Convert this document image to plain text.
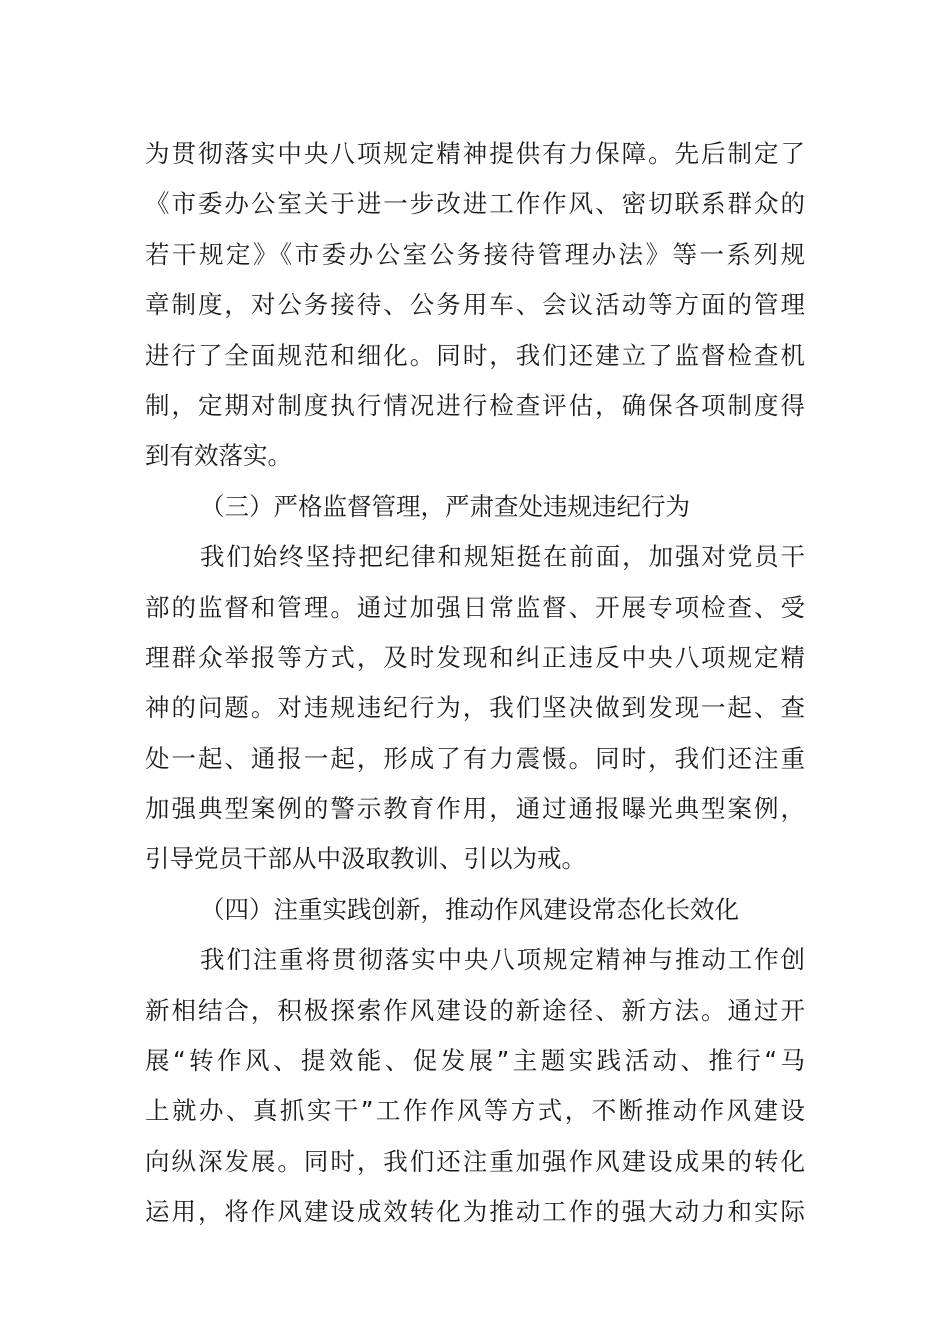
为贯彻落实中央八项规定精神提供有力保障。先后制定了
《市委办公室关于进一步改进工作作风、密切联系群众的
若干规定》《市委办公室公务接待管理办法》等一系列规
章制度，对公务接待、公务用车、会议活动等方面的管理
进行了全面规范和细化。同时，我们还建立了监督检查机
制，定期对制度执行情况进行检查评估，确保各项制度得
到有效落实。
（三）严格监督管理，严肃查处违规违纪行为
我们始终坚持把纪律和规矩挺在前面，加强对党员干
部的监督和管理。通过加强日常监督、开展专项检查、受
理群众举报等方式，及时发现和纠正违反中央八项规定精
神的问题。对违规违纪行为，我们坚决做到发现一起、查
处一起、通报一起，形成了有力震慑。同时，我们还注重
加强典型案例的警示教育作用，通过通报曝光典型案例，
引导党员干部从中汲取教训、引以为戒。
（四）注重实践创新，推动作风建设常态化长效化
我们注重将贯彻落实中央八项规定精神与推动工作创
新相结合，积极探索作风建设的新途径、新方法。通过开
展“转作风、提效能、促发展”主题实践活动、推行“马
上就办、真抓实干”工作作风等方式，不断推动作风建设
向纵深发展。同时，我们还注重加强作风建设成果的转化
运用，将作风建设成效转化为推动工作的强大动力和实际
